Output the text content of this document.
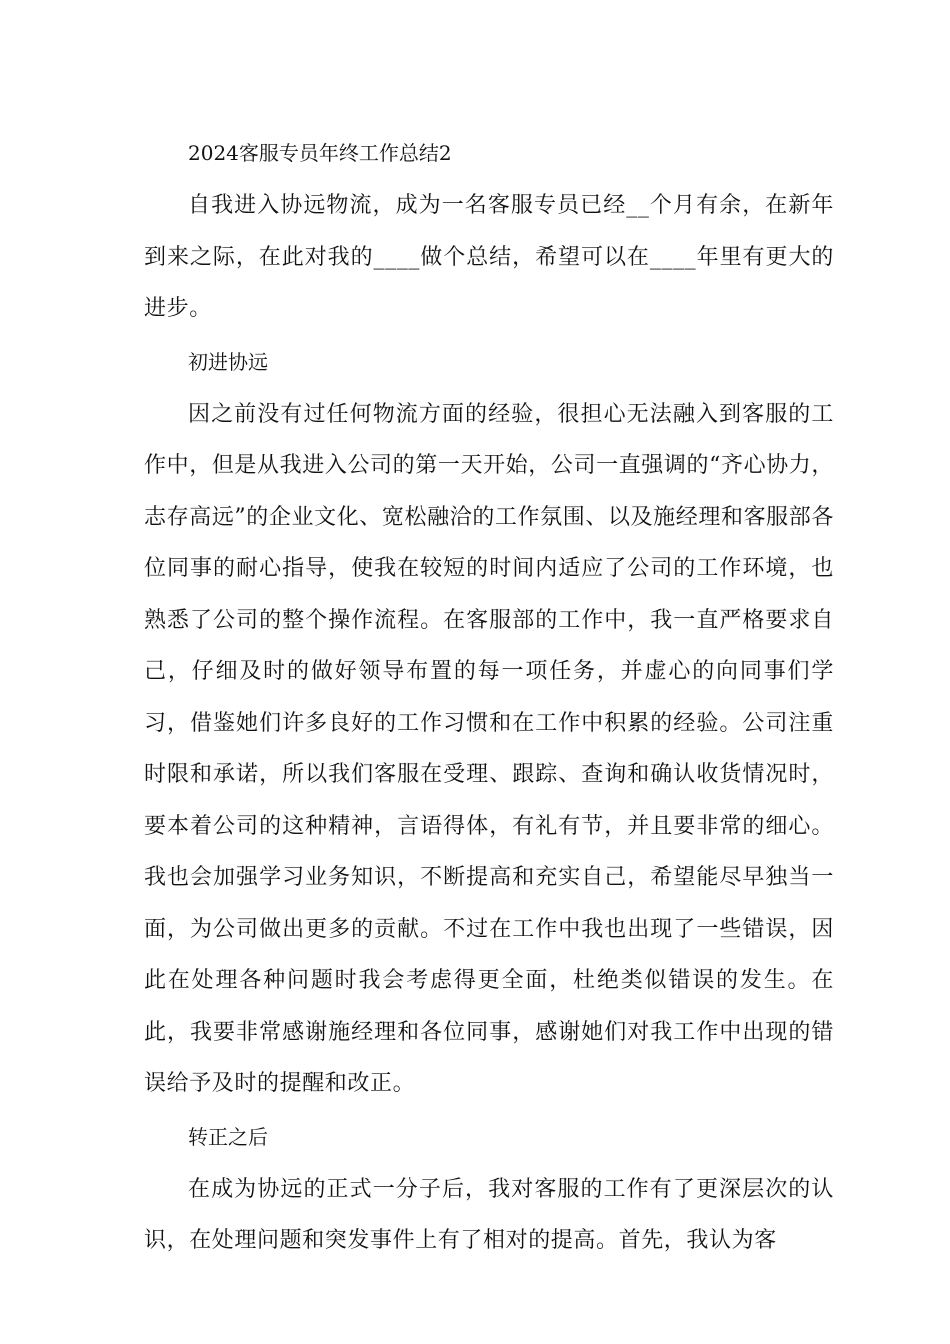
2024客服专员年终工作总结2

自我进入协远物流，成为一名客服专员已经__个月有余，在新年到来之际，在此对我的____做个总结，希望可以在____年里有更大的进步。

初进协远

因之前没有过任何物流方面的经验，很担心无法融入到客服的工作中，但是从我进入公司的第一天开始，公司一直强调的“齐心协力，志存高远”的企业文化、宽松融洽的工作氛围、以及施经理和客服部各位同事的耐心指导，使我在较短的时间内适应了公司的工作环境，也熟悉了公司的整个操作流程。在客服部的工作中，我一直严格要求自己，仔细及时的做好领导布置的每一项任务，并虚心的向同事们学习，借鉴她们许多良好的工作习惯和在工作中积累的经验。公司注重时限和承诺，所以我们客服在受理、跟踪、查询和确认收货情况时，要本着公司的这种精神，言语得体，有礼有节，并且要非常的细心。我也会加强学习业务知识，不断提高和充实自己，希望能尽早独当一面，为公司做出更多的贡献。不过在工作中我也出现了一些错误，因此在处理各种问题时我会考虑得更全面，杜绝类似错误的发生。在此，我要非常感谢施经理和各位同事，感谢她们对我工作中出现的错误给予及时的提醒和改正。

转正之后

在成为协远的正式一分子后，我对客服的工作有了更深层次的认识，在处理问题和突发事件上有了相对的提高。首先，我认为客
